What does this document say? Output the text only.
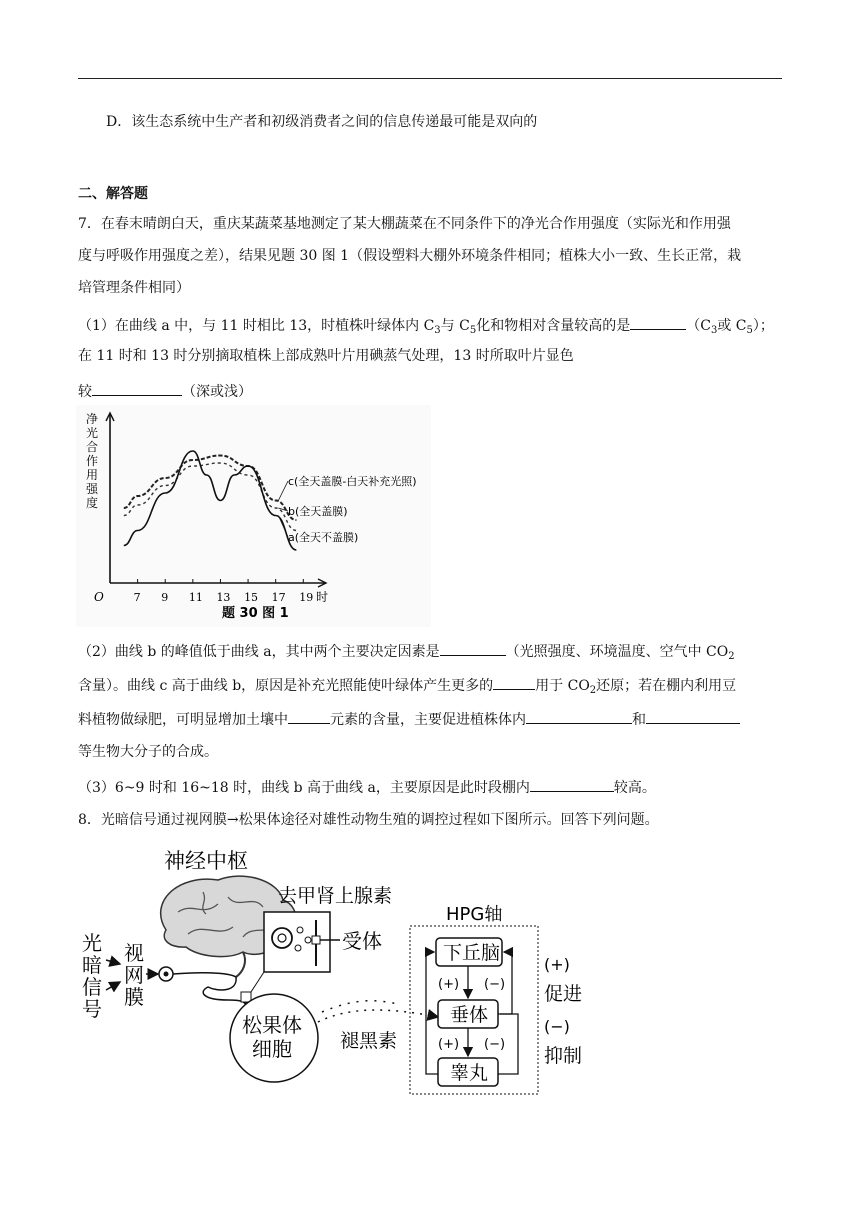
D．该生态系统中生产者和初级消费者之间的信息传递最可能是双向的
二、解答题
7．在春末晴朗白天，重庆某蔬菜基地测定了某大棚蔬菜在不同条件下的净光合作用强度（实际光和作用强
度与呼吸作用强度之差），结果见题 30 图 1（假设塑料大棚外环境条件相同；植株大小一致、生长正常，栽
培管理条件相同）
（1）在曲线 a 中，与 11 时相比 13，时植株叶绿体内 $C_3$与 $C_5$化和物相对含量较高的是	（$C_3$或 $C_5$）；
在 11 时和 13 时分别摘取植株上部成熟叶片用碘蒸气处理，13 时所取叶片显色
较	（深或浅）
净
光
合
作
用
强
度
O	时
7 9 11 13 15 17 19
c(全天盖膜-白天补充光照)
b(全天盖膜)
a(全天不盖膜)
题 30 图 1
（2）曲线 b 的峰值低于曲线 a，其中两个主要决定因素是	（光照强度、环境温度、空气中 $CO_2$
含量）。曲线 c 高于曲线 b，原因是补充光照能使叶绿体产生更多的	用于 $CO_2$还原；若在棚内利用豆
料植物做绿肥，可明显增加土壤中	元素的含量，主要促进植株体内	和
等生物大分子的合成。
（3）6~9 时和 16~18 时，曲线 b 高于曲线 a，主要原因是此时段棚内	较高。
8．光暗信号通过视网膜→松果体途径对雄性动物生殖的调控过程如下图所示。回答下列问题。
神经中枢
光
暗
信
号
视
网
膜
去甲肾上腺素
受体
松果体
细胞	褪黑素
HPG轴
下丘脑
垂体
睾丸
(+)
(+)
(−)
(−)
(+)
促进
(−)
抑制
